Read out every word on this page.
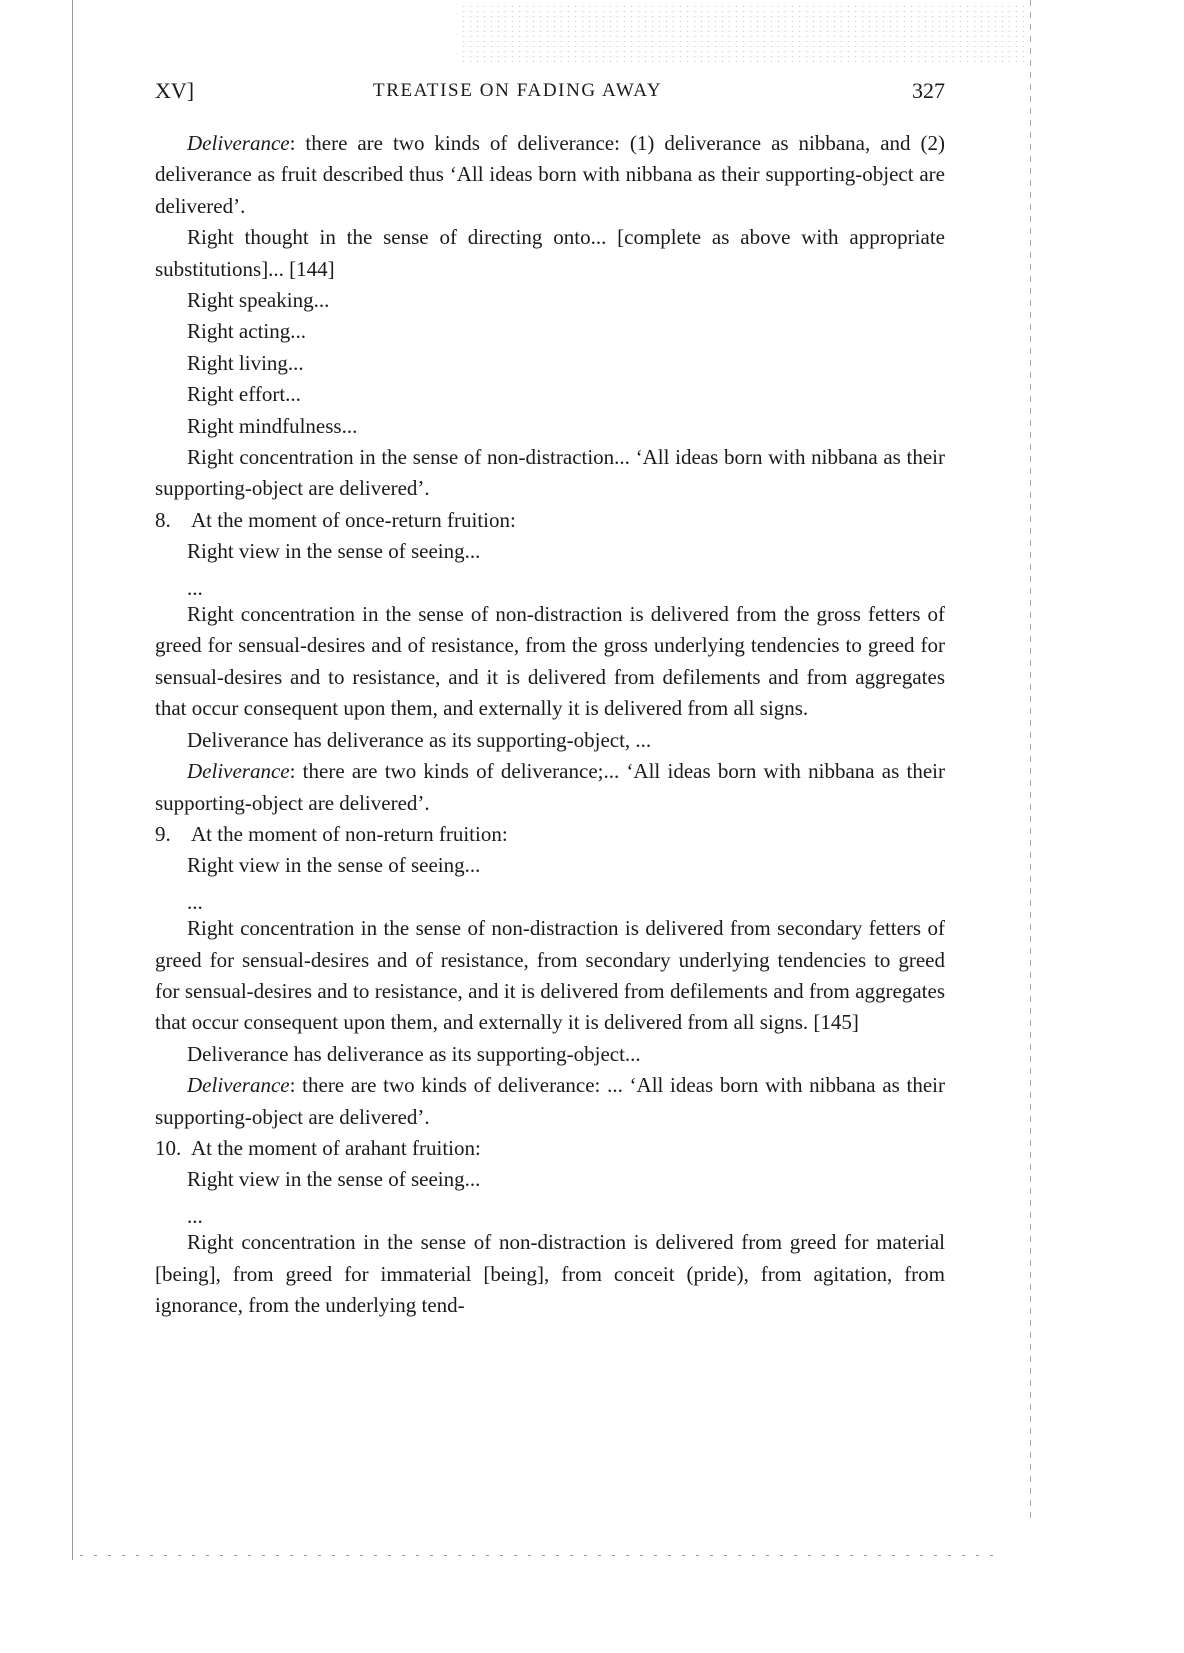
XV]	TREATISE ON FADING AWAY	327

Deliverance: there are two kinds of deliverance: (1) deliverance as nibbana, and (2) deliverance as fruit described thus ‘All ideas born with nibbana as their supporting-object are delivered’.

Right thought in the sense of directing onto... [complete as above with appropriate substitutions]... [144]

Right speaking...

Right acting...

Right living...

Right effort...

Right mindfulness...

Right concentration in the sense of non-distraction... ‘All ideas born with nibbana as their supporting-object are delivered’.

8. At the moment of once-return fruition:

Right view in the sense of seeing...

...

Right concentration in the sense of non-distraction is delivered from the gross fetters of greed for sensual-desires and of resistance, from the gross underlying tendencies to greed for sensual-desires and to resistance, and it is delivered from defilements and from aggregates that occur consequent upon them, and externally it is delivered from all signs.

Deliverance has deliverance as its supporting-object, ...

Deliverance: there are two kinds of deliverance;... ‘All ideas born with nibbana as their supporting-object are delivered’.

9. At the moment of non-return fruition:

Right view in the sense of seeing...

...

Right concentration in the sense of non-distraction is delivered from secondary fetters of greed for sensual-desires and of resistance, from secondary underlying tendencies to greed for sensual-desires and to resistance, and it is delivered from defilements and from aggregates that occur consequent upon them, and externally it is delivered from all signs. [145]

Deliverance has deliverance as its supporting-object...

Deliverance: there are two kinds of deliverance: ... ‘All ideas born with nibbana as their supporting-object are delivered’.

10. At the moment of arahant fruition:

Right view in the sense of seeing...

...

Right concentration in the sense of non-distraction is delivered from greed for material [being], from greed for immaterial [being], from conceit (pride), from agitation, from ignorance, from the underlying tend-
